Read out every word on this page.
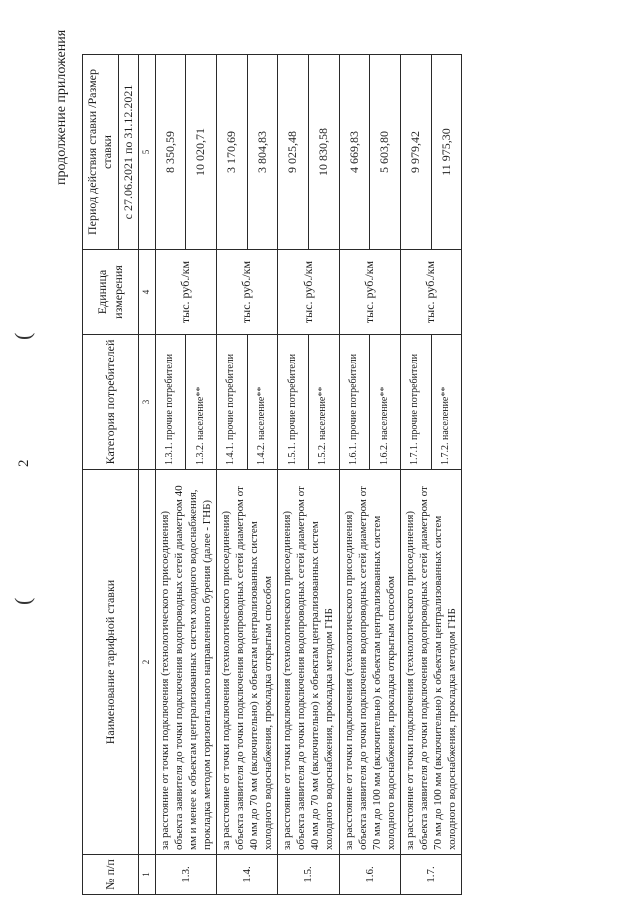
(
2
(
продолжение приложения
№ п/п	Наименование тарифной ставки	Категория потребителей	Единица измерения	Период действия ставки /Размер ставки
				с 27.06.2021 по 31.12.2021
1	2	3	4	5
1.3.	за расстояние от точки подключения (технологического присоединения) объекта заявителя до точки подключения водопроводных сетей диаметром 40 мм и менее к объектам централизованных систем холодного водоснабжения, прокладка методом горизонтального направленного бурения (далее - ГНБ)	1.3.1. прочие потребители	тыс. руб./км	8 350,59
		1.3.2. население**		10 020,71
1.4.	за расстояние от точки подключения (технологического присоединения) объекта заявителя до точки подключения водопроводных сетей диаметром от 40 мм до 70 мм (включительно) к объектам централизованных систем холодного водоснабжения, прокладка открытым способом	1.4.1. прочие потребители	тыс. руб./км	3 170,69
		1.4.2. население**		3 804,83
1.5.	за расстояние от точки подключения (технологического присоединения) объекта заявителя до точки подключения водопроводных сетей диаметром от 40 мм до 70 мм (включительно) к объектам централизованных систем холодного водоснабжения, прокладка методом ГНБ	1.5.1. прочие потребители	тыс. руб./км	9 025,48
		1.5.2. население**		10 830,58
1.6.	за расстояние от точки подключения (технологического присоединения) объекта заявителя до точки подключения водопроводных сетей диаметром от 70 мм до 100 мм (включительно) к объектам централизованных систем холодного водоснабжения, прокладка открытым способом	1.6.1. прочие потребители	тыс. руб./км	4 669,83
		1.6.2. население**		5 603,80
1.7.	за расстояние от точки подключения (технологического присоединения) объекта заявителя до точки подключения водопроводных сетей диаметром от 70 мм до 100 мм (включительно) к объектам централизованных систем холодного водоснабжения, прокладка методом ГНБ	1.7.1. прочие потребители	тыс. руб./км	9 979,42
		1.7.2. население**		11 975,30
